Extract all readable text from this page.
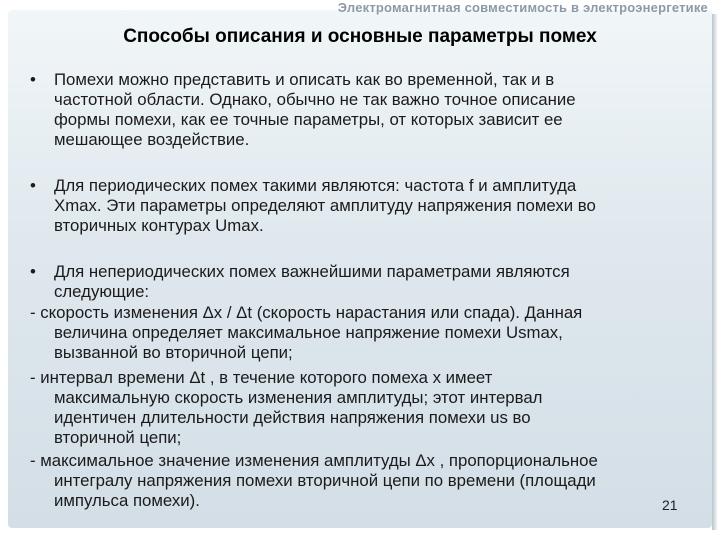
Электромагнитная совместимость в электроэнергетике
Способы описания и основные параметры помех
• Помехи можно представить и описать как во временной, так и в
частотной области. Однако, обычно не так важно точное описание
формы помехи, как ее точные параметры, от которых зависит ее
мешающее воздействие.
• Для периодических помех такими являются: частота f и амплитуда
Xmax. Эти параметры определяют амплитуду напряжения помехи во
вторичных контурах Umax.
• Для непериодических помех важнейшими параметрами являются
следующие:
- скорость изменения Δx / Δt (скорость нарастания или спада). Данная
величина определяет максимальное напряжение помехи Usmax,
вызванной во вторичной цепи;
- интервал времени Δt , в течение которого помеха x имеет
максимальную скорость изменения амплитуды; этот интервал
идентичен длительности действия напряжения помехи us во
вторичной цепи;
- максимальное значение изменения амплитуды Δx , пропорциональное
интегралу напряжения помехи вторичной цепи по времени (площади
импульса помехи).	21
